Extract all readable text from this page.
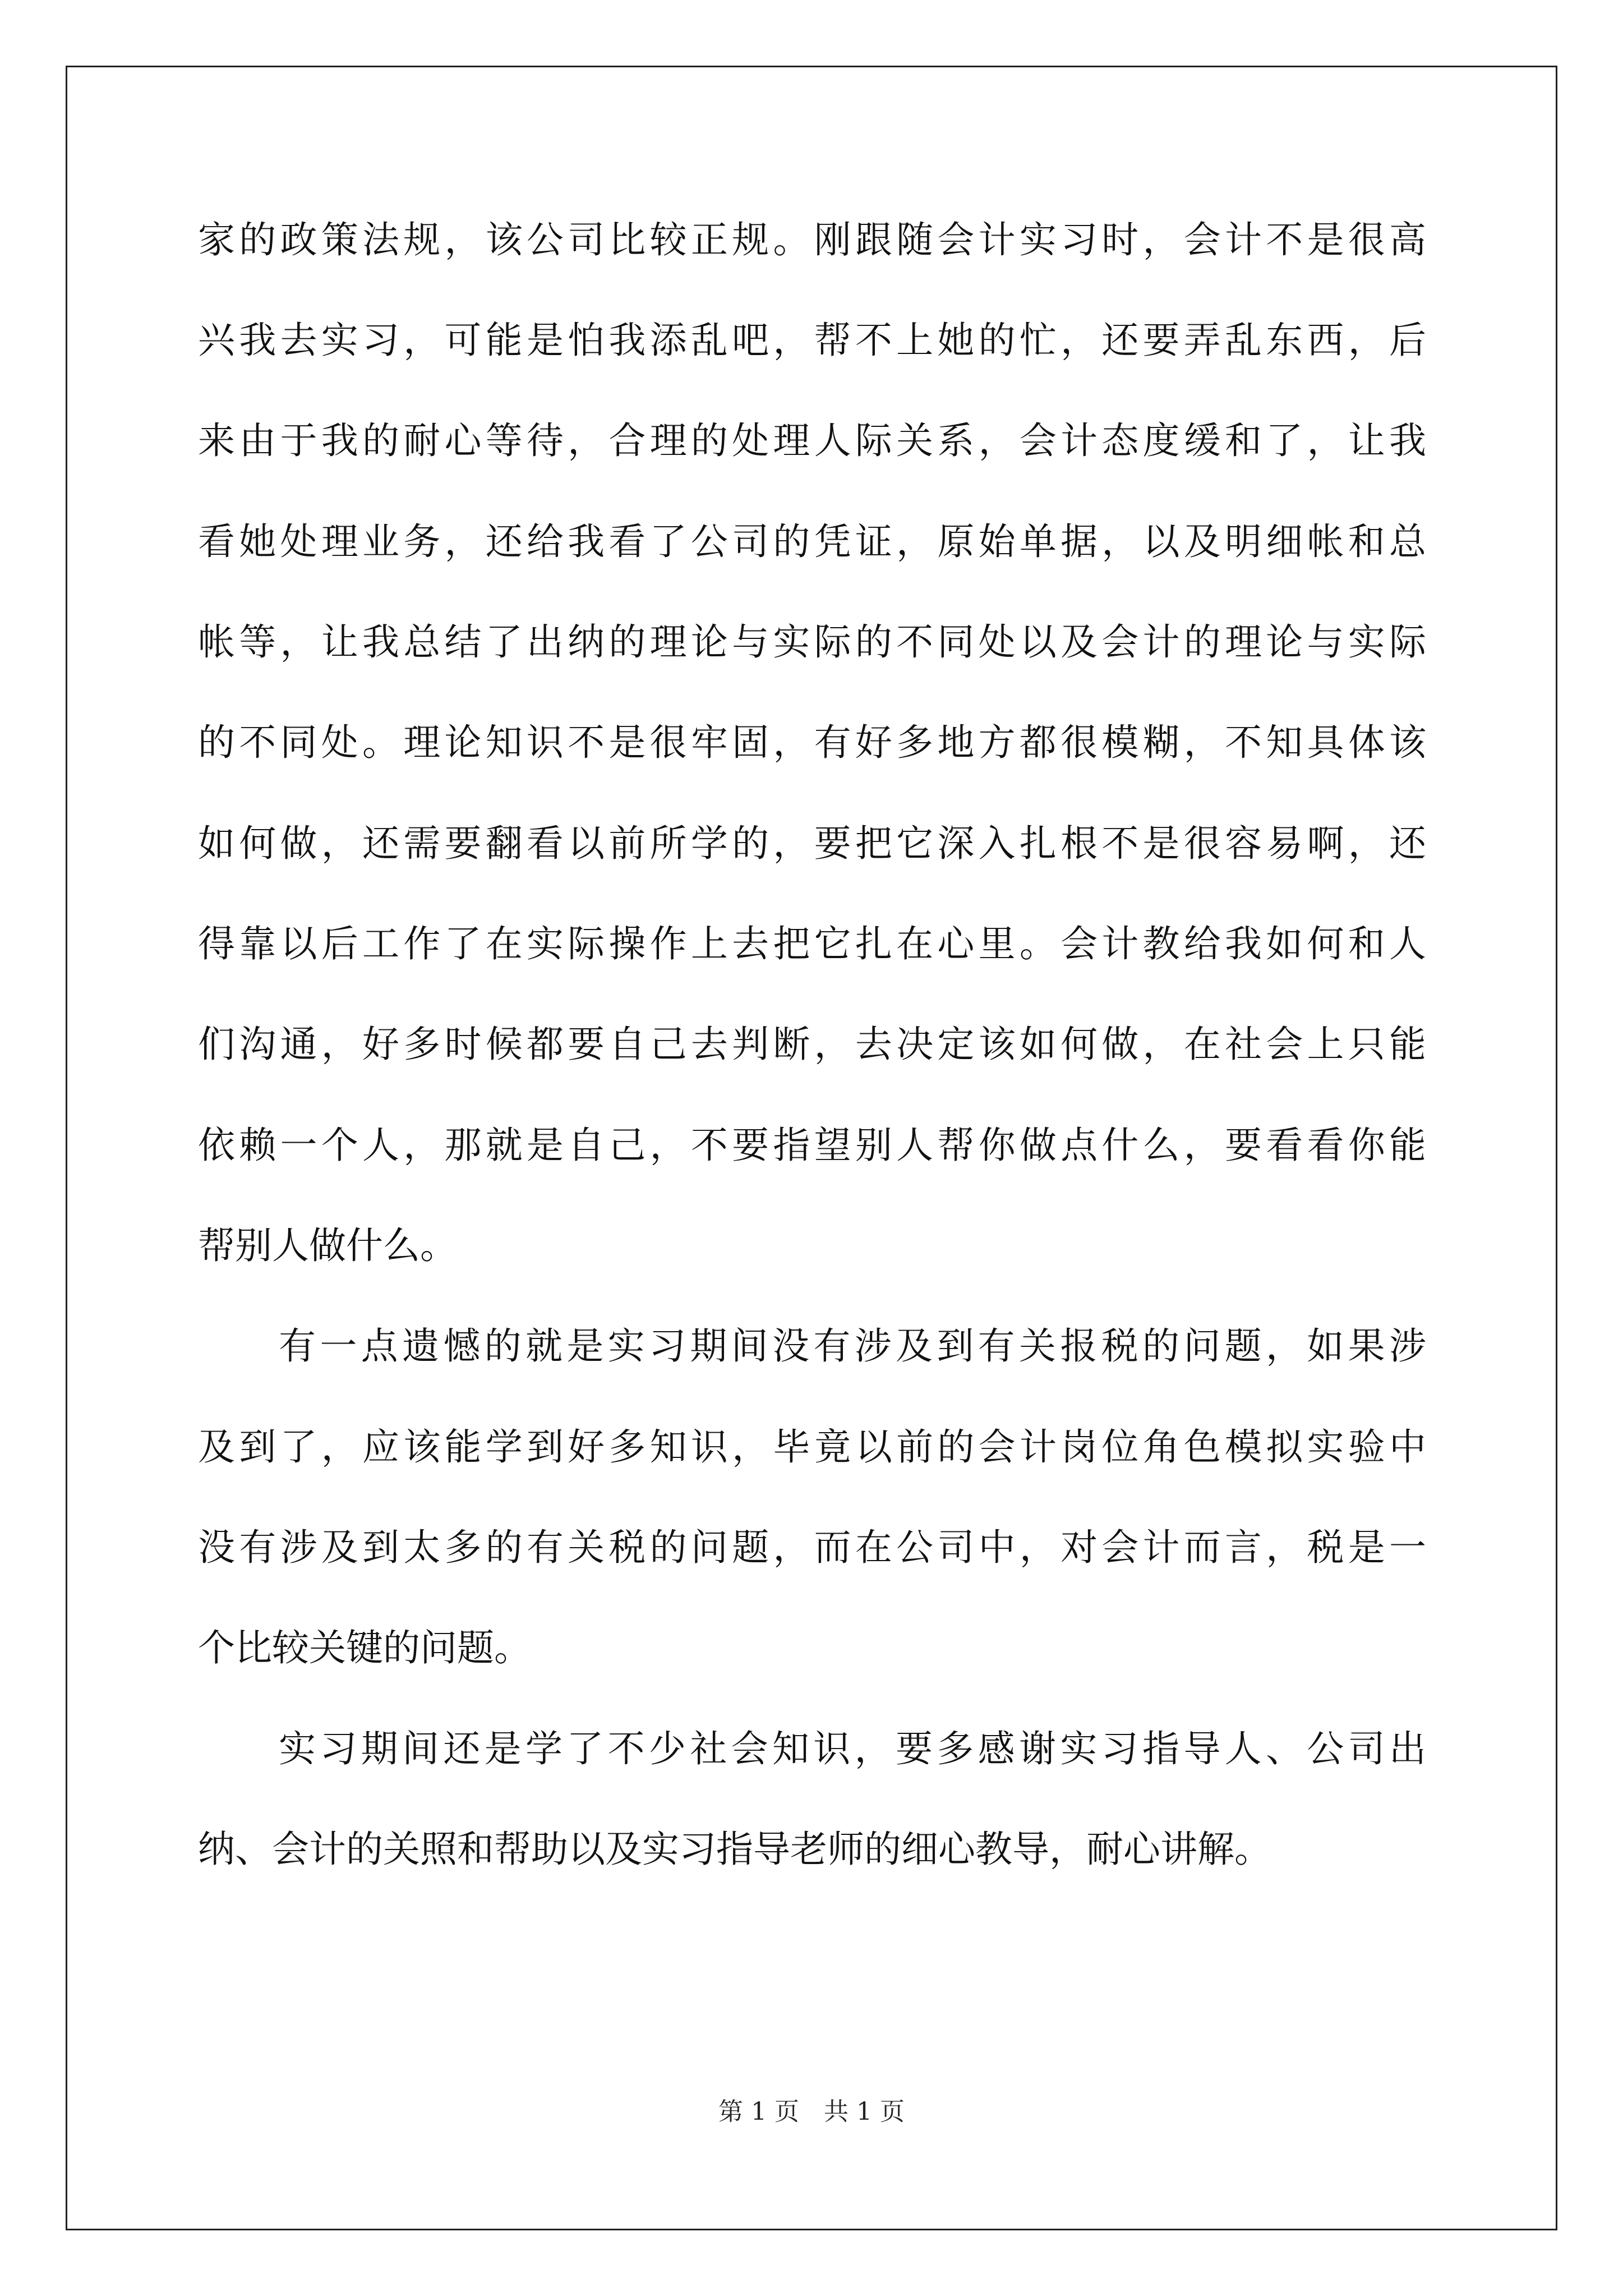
家的政策法规，该公司比较正规。刚跟随会计实习时，会计不是很高
兴我去实习，可能是怕我添乱吧，帮不上她的忙，还要弄乱东西，后
来由于我的耐心等待，合理的处理人际关系，会计态度缓和了，让我
看她处理业务，还给我看了公司的凭证，原始单据，以及明细帐和总
帐等，让我总结了出纳的理论与实际的不同处以及会计的理论与实际
的不同处。理论知识不是很牢固，有好多地方都很模糊，不知具体该
如何做，还需要翻看以前所学的，要把它深入扎根不是很容易啊，还
得靠以后工作了在实际操作上去把它扎在心里。会计教给我如何和人
们沟通，好多时候都要自己去判断，去决定该如何做，在社会上只能
依赖一个人，那就是自己，不要指望别人帮你做点什么，要看看你能
帮别人做什么。
有一点遗憾的就是实习期间没有涉及到有关报税的问题，如果涉
及到了，应该能学到好多知识，毕竟以前的会计岗位角色模拟实验中
没有涉及到太多的有关税的问题，而在公司中，对会计而言，税是一
个比较关键的问题。
实习期间还是学了不少社会知识，要多感谢实习指导人、公司出
纳、会计的关照和帮助以及实习指导老师的细心教导，耐心讲解。
第 1 页　共 1 页
